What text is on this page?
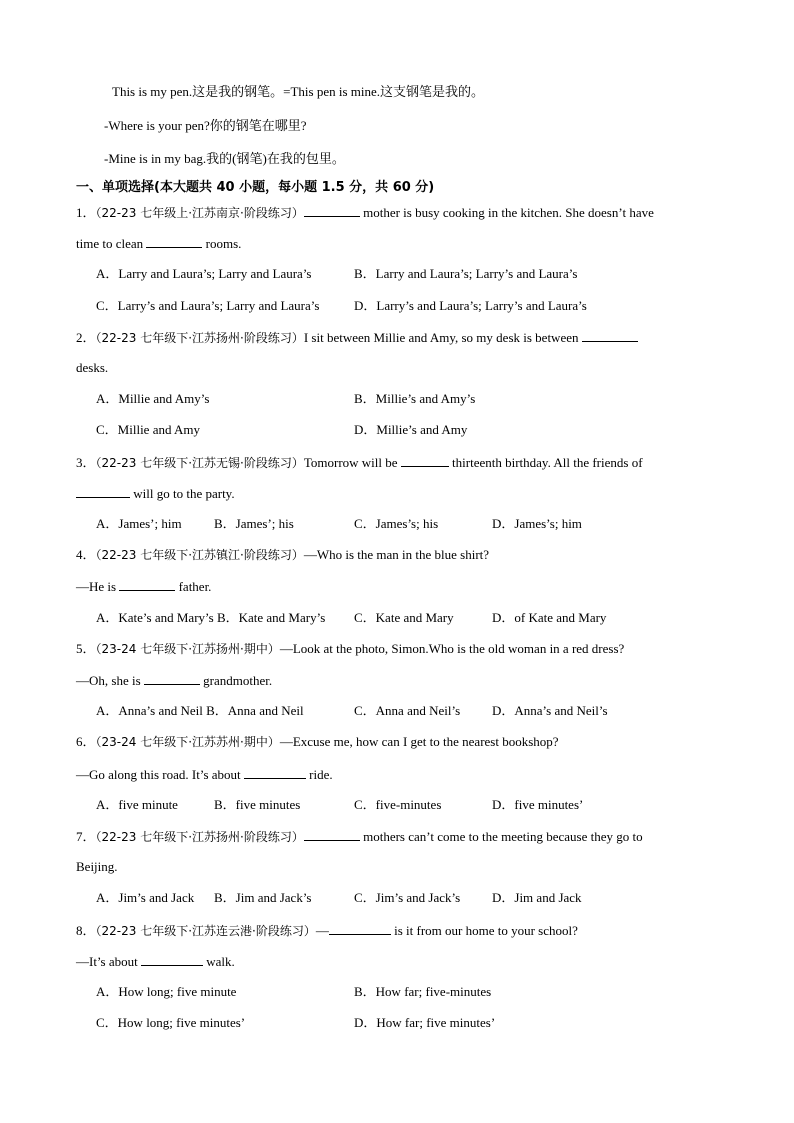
This is my pen.这是我的钢笔。=This pen is mine.这支钢笔是我的。
-Where is your pen?你的钢笔在哪里?
-Mine is in my bag.我的(钢笔)在我的包里。
一、单项选择(本大题共 40 小题，每小题 1.5 分，共 60 分)
1．（22-23 七年级上·江苏南京·阶段练习）	mother is busy cooking in the kitchen. She doesn’t have
time to clean	rooms.
A．Larry and Laura’s; Larry and Laura’s	B．Larry and Laura’s; Larry’s and Laura’s
C．Larry’s and Laura’s; Larry and Laura’s	D．Larry’s and Laura’s; Larry’s and Laura’s
2．（22-23 七年级下·江苏扬州·阶段练习）I sit between Millie and Amy, so my desk is between
desks.
A．Millie and Amy’s	B．Millie’s and Amy’s
C．Millie and Amy	D．Millie’s and Amy
3．（22-23 七年级下·江苏无锡·阶段练习）Tomorrow will be	thirteenth birthday. All the friends of
will go to the party.
A．James’; him B．James’; his	C．James’s; his	D．James’s; him
4．（22-23 七年级下·江苏镇江·阶段练习）—Who is the man in the blue shirt?
—He is	father.
A．Kate’s and Mary’s B．Kate and Mary’s C．Kate and Mary	D．of Kate and Mary
5．（23-24 七年级下·江苏扬州·期中）—Look at the photo, Simon.Who is the old woman in a red dress?
—Oh, she is	grandmother.
A．Anna’s and Neil B．Anna and Neil	C．Anna and Neil’s D．Anna’s and Neil’s
6．（23-24 七年级下·江苏苏州·期中）—Excuse me, how can I get to the nearest bookshop?
—Go along this road. It’s about	ride.
A．five minute	B．five minutes	C．five-minutes	D．five minutes’
7．（22-23 七年级下·江苏扬州·阶段练习）	mothers can’t come to the meeting because they go to
Beijing.
A．Jim’s and Jack B．Jim and Jack’s	C．Jim’s and Jack’s D．Jim and Jack
8．（22-23 七年级下·江苏连云港·阶段练习）—	is it from our home to your school?
—It’s about	walk.
A．How long; five minute	B．How far; five-minutes
C．How long; five minutes’	D．How far; five minutes’
